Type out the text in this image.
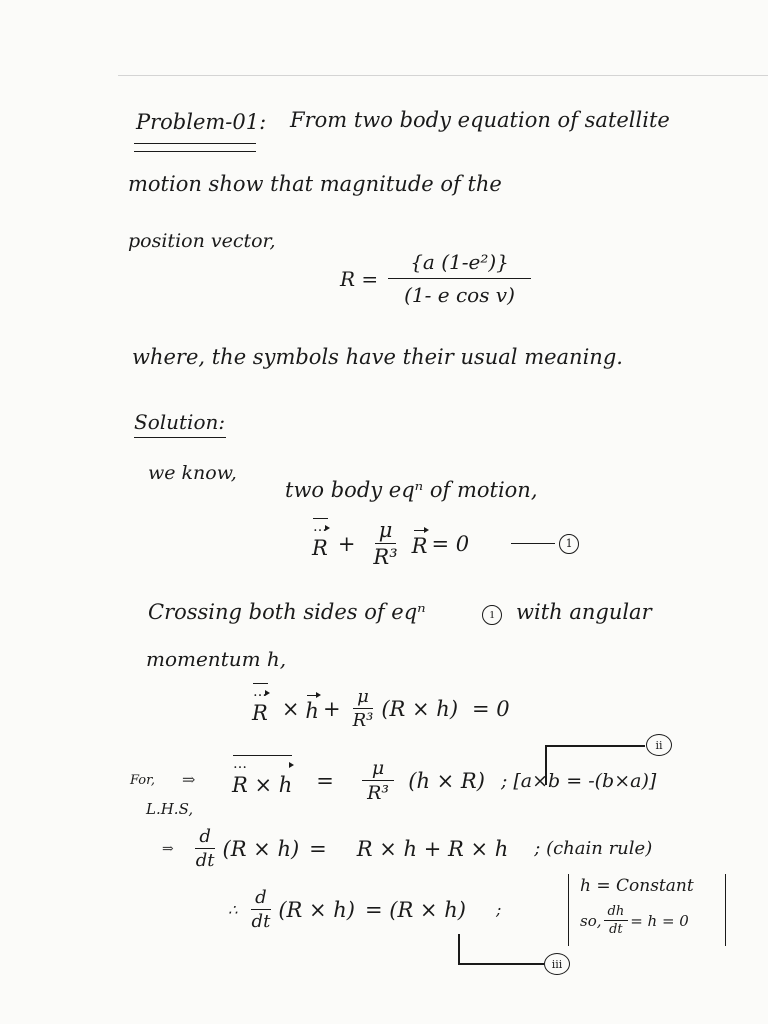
Problem-01: From two body equation of satellite
motion show that magnitude of the
position vector,
$R = \frac{\text{\{a (1-e²)\}}}{\text{(1- e cos v)}}$
where, the symbols have their usual meaning.
Solution:
we know,
two body eqⁿ of motion,
… $R + \frac{\mu}{\text{R³}}$ R = 0	1
Crossing both sides of eqⁿ	1	with angular
momentum h,
… $R \times h + \frac{\mu}{\text{R³}} (R \times h) = 0$
ii
For, ⇒
L.H.S,
… $R \times h = \frac{\mu}{\text{R³}} (h \times R)$ ; [a×b = -(b×a)]
⇒ $\frac{d}{dt} (R \times h) = R \times h + R \times h$ ; (chain rule)
∴ $\frac{d}{dt} (R \times h) = (R \times h)$ ;
h = Constant
so, $\frac{dh}{dt} = h = 0$
iii
